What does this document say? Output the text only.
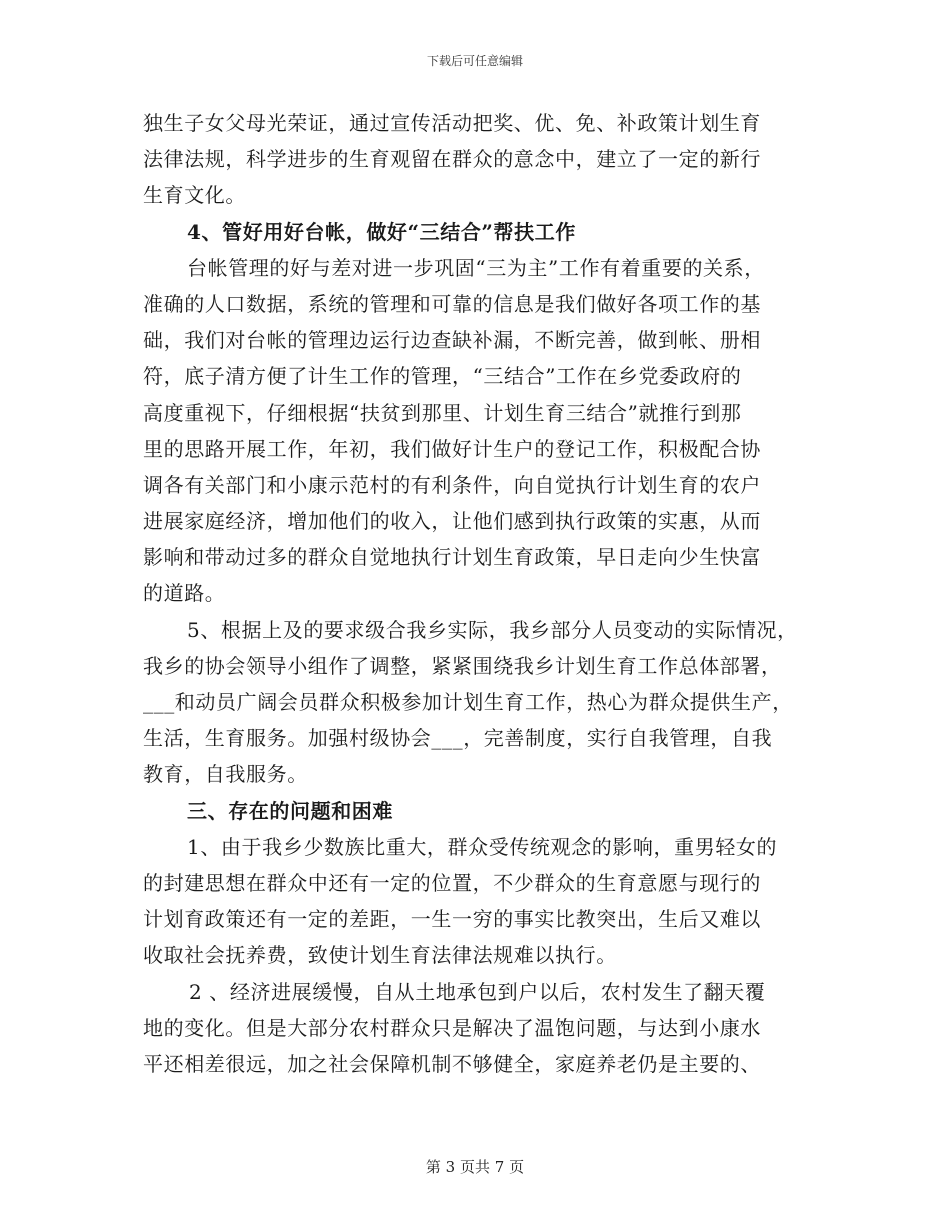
下载后可任意编辑
独生子女父母光荣证，通过宣传活动把奖、优、免、补政策计划生育
法律法规，科学进步的生育观留在群众的意念中，建立了一定的新行
生育文化。
4、管好用好台帐，做好“三结合”帮扶工作
台帐管理的好与差对进一步巩固“三为主”工作有着重要的关系，
准确的人口数据，系统的管理和可靠的信息是我们做好各项工作的基
础，我们对台帐的管理边运行边查缺补漏，不断完善，做到帐、册相
符，底子清方便了计生工作的管理，“三结合”工作在乡党委政府的
高度重视下，仔细根据“扶贫到那里、计划生育三结合”就推行到那
里的思路开展工作，年初，我们做好计生户的登记工作，积极配合协
调各有关部门和小康示范村的有利条件，向自觉执行计划生育的农户
进展家庭经济，增加他们的收入，让他们感到执行政策的实惠，从而
影响和带动过多的群众自觉地执行计划生育政策，早日走向少生快富
的道路。
5、根据上及的要求级合我乡实际，我乡部分人员变动的实际情况，
我乡的协会领导小组作了调整，紧紧围绕我乡计划生育工作总体部署，
___和动员广阔会员群众积极参加计划生育工作，热心为群众提供生产，
生活，生育服务。加强村级协会___，完善制度，实行自我管理，自我
教育，自我服务。
三、存在的问题和困难
1、由于我乡少数族比重大，群众受传统观念的影响，重男轻女的
的封建思想在群众中还有一定的位置，不少群众的生育意愿与现行的
计划育政策还有一定的差距，一生一穷的事实比教突出，生后又难以
收取社会抚养费，致使计划生育法律法规难以执行。
2 、经济进展缓慢，自从土地承包到户以后，农村发生了翻天覆
地的变化。但是大部分农村群众只是解决了温饱问题，与达到小康水
平还相差很远，加之社会保障机制不够健全，家庭养老仍是主要的、
第 3 页共 7 页
